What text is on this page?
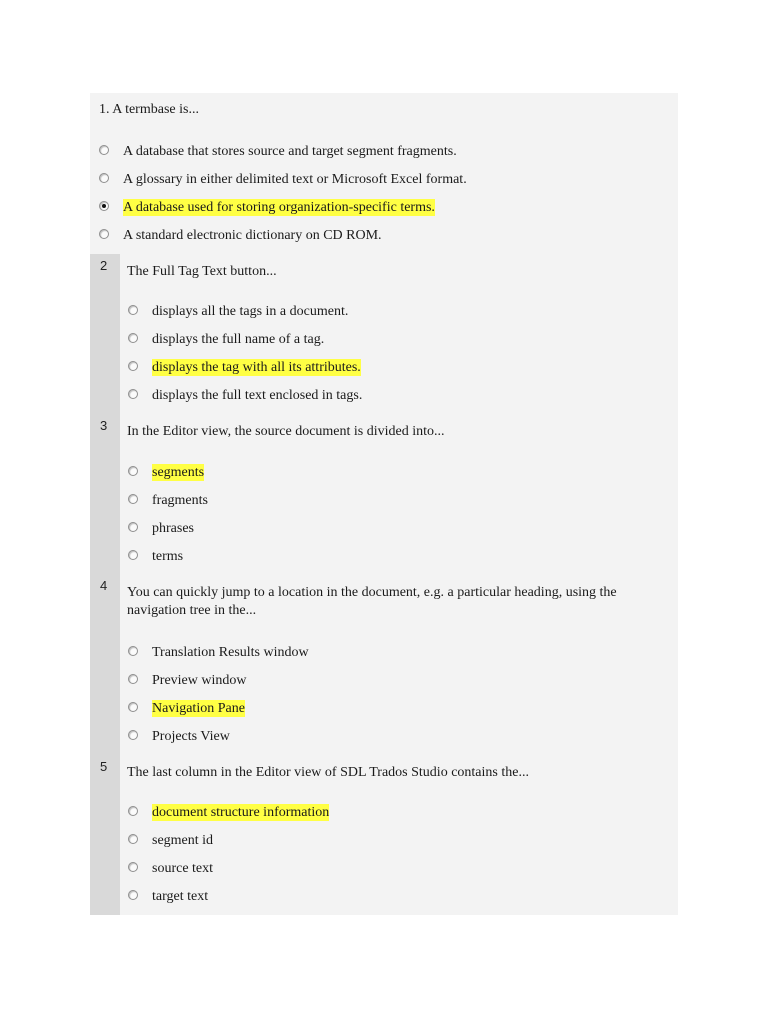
1. A termbase is...
A database that stores source and target segment fragments.
A glossary in either delimited text or Microsoft Excel format.
A database used for storing organization-specific terms.
A standard electronic dictionary on CD ROM.
2 The Full Tag Text button...
displays all the tags in a document.
displays the full name of a tag.
displays the tag with all its attributes.
displays the full text enclosed in tags.
3 In the Editor view, the source document is divided into...
segments
fragments
phrases
terms
4 You can quickly jump to a location in the document, e.g. a particular heading, using the navigation tree in the...
Translation Results window
Preview window
Navigation Pane
Projects View
5 The last column in the Editor view of SDL Trados Studio contains the...
document structure information
segment id
source text
target text
